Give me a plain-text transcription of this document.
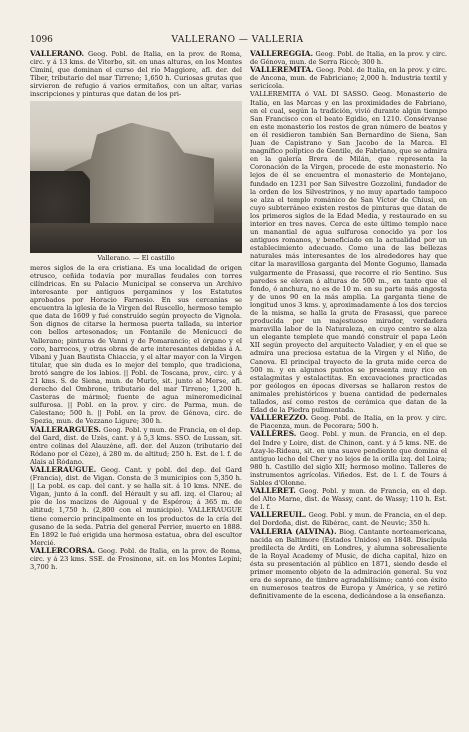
1096	VALLERANO — VALLERIA

VALLERANO. Geog. Pobl. de Italia, en la prov. de Roma, circ. y á 13 kms. de Viterbo, sit. en unas alturas, en los Montes Ciminí, que dominan el curso del río Maggiore, afl. der. del Tíber, tributario del mar Tirreno; 1,650 h. Curiosas grutas que sirvieron de refugio á varios ermitaños, con un altar, varias inscripciones y pinturas que datan de los pri-

Vallerano. — El castillo

meros siglos de la era cristiana. Es una localidad de origen etrusco, ceñida todavía por murallas feudales con torres cilíndricas. En su Palacio Municipal se conserva un Archivo interesante por antiguos pergaminos y los Estatutos aprobados por Horacio Farnesio. En sus cercanías se encuentra la iglesia de la Virgen del Ruscello, hermoso templo que data de 1609 y fué construído según proyecto de Vignola. Son dignos de citarse la hermosa puerta tallada, su interior con bellos artesonados; un Fontanile de Menicucci de Vallerano; pinturas de Vanni y de Pomarancio; el órgano y el coro, barrocos, y otras obras de arte interesantes debidas á A. Vibani y Juan Bautista Chiaccia, y el altar mayor con la Virgen titular, que sin duda es lo mejor del templo, que tradiciona, brotó sangre de los labios. || Pobl. de Toscana, prov., circ. y á 21 kms. S. de Siena, mun. de Murlo, sit. junto al Merse, afl. derecho del Ombrone, tributario del mar Tirreno; 1,200 h. Casteras de mármol; fuente de agua mineromedicinal sulfurosa. || Pobl. en la prov. y circ. de Parma, mun. de Calestano; 500 h. || Pobl. en la prov. de Génova, circ. de Spezia, mun. de Vezzano Ligure; 300 h.

VALLERARGUES. Geog. Pobl. y mun. de Francia, en el dep. del Gard, dist. de Uzès, cant. y á 5,3 kms. SSO. de Lussan, sit. entre colinas del Alauzène, afl. der. del Auzon (tributario del Ródano por el Cèze), á 280 m. de altitud; 250 h. Est. de l. f. de Alais al Ródano.

VALLERAUGUE. Geog. Cant. y pobl. del dep. del Gard (Francia), dist. de Vigan. Consta de 3 municipios con 5,350 h. || La pobl. es cap. del cant. y se halla sit. á 10 kms. NNE. de Vigan, junto á la confl. del Hérault y su afl. izq. el Clarou; al pie de los macizos de Aigoual y de Espérou; á 365 m. de altitud; 1,750 h. (2,800 con el municipio). VALLERAUGUE tiene comercio principalmente en los productos de la cría del gusano de la seda. Patria del general Perrier, muerto en 1888. En 1892 le fué erigida una hermosa estatua, obra del escultor Mercié.

VALLERCORSA. Geog. Pobl. de Italia, en la prov. de Roma, circ. y á 23 kms. SSE. de Frosinone, sit. en los Montes Lepini; 3,700 h.

VALLEREGGIA. Geog. Pobl. de Italia, en la prov. y circ. de Génova, mun. de Serra Riccò; 300 h.

VALLEREMITA. Geog. Pobl. de Italia, en la prov. y circ. de Ancona, mun. de Fabriciano; 2,000 h. Industria textil y sericícola.

VALLEREMITA ó VAL DI SASSO. Geog. Monasterio de Italia, en las Marcas y en las proximidades de Fabriano, en el cual, según la tradición, vivió durante algún tiempo San Francisco con el beato Egidio, en 1210. Consérvanse en este monasterio los restos de gran número de beatos y en él residieron también San Bernardino de Siena, San Juan de Capistrano y San Jacobo de la Marca. El magnífico políptico de Gentile, de Fabriano, que se admira en la galería Brera de Milán, que representa la Coronación de la Virgen, procede de este monasterio. No lejos de él se encuentra el monasterio de Montejano, fundado en 1231 por San Silvestre Gozzolini, fundador de la orden de los Silvestrinos, y no muy apartado tampoco se alza el templo románico de San Víctor de Chiusi, en cuyo subterráneo existen restos de pinturas que datan de los primeros siglos de la Edad Media, y restaurado en su interior en tres naves. Cerca de este último templo nace un manantial de agua sulfurosa conocido ya por los antiguos romanos, y beneficiado en la actualidad por un establecimiento adecuado. Como una de las bellezas naturales más interesantes de los alrededores hay que citar la maravillosa garganta del Monte Gogumo, llamada vulgarmente de Frasassi, que recorre el río Sentino. Sus paredes se elevan á alturas de 500 m., en tanto que el fondo, ó anchura, no es de 10 m. en su parte más angosta y de unos 90 en la más amplia. La garganta tiene de longitud unos 3 kms. y, aproximadamente á los dos tercios de la misma, se halla la gruta de Frasassi, que parece producida por un majestuoso mirador, verdadera maravilla labor de la Naturaleza, en cuyo centro se alza un elegante templete que mandó construir el papa León XII según proyecto del arquitecto Valadier, y en el que se admira una preciosa estatua de la Virgen y el Niño, de Canova. El principal trayecto de la gruta mide cerca de 500 m. y en algunos puntos se presenta muy rico en estalagmitas y estalactitas. En excavaciones practicadas por geólogos en épocas diversas se hallaron restos de animales prehistóricos y buena cantidad de pedernales tallados, así como restos de cerámica que datan de la Edad de la Piedra pulimentada.

VALLEREZZO. Geog. Pobl. de Italia, en la prov. y circ. de Piacenza, mun. de Pecorara; 500 h.

VALLÈRES. Geog. Pobl. y mun. de Francia, en el dep. del Indre y Loire, dist. de Chinon, cant. y á 5 kms. NE. de Azay-le-Rideau, sit. en una suave pendiente que domina el antiguo lecho del Cher y no lejos de la orilla izq. del Loira; 980 h. Castillo del siglo XII; hermoso molino. Talleres de instrumentos agrícolas. Viñedos. Est. de l. f. de Tours á Sables d'Olonne.

VALLERET. Geog. Pobl. y mun. de Francia, en el dep. del Alto Marne, dist. de Wassy, cant. de Wassy; 110 h. Est. de l. f.

VALLEREUIL. Geog. Pobl. y mun. de Francia, en el dep. del Dordoña, dist. de Ribérac, cant. de Neuvic; 350 h.

VALLERIA (ALVINA). Biog. Cantante norteamericana, nacida en Baltimore (Estados Unidos) en 1848. Discípula predilecta de Arditi, en Londres, y alumna sobresaliente de la Royal Academy of Music, de dicha capital, hizo en ésta su presentación al público en 1871, siendo desde el primer momento objeto de la admiración general. Su voz era de soprano, de timbre agradabilísimo; cantó con éxito en numerosos teatros de Europa y América, y se retiró definitivamente de la escena, dedicándose a la enseñanza.
